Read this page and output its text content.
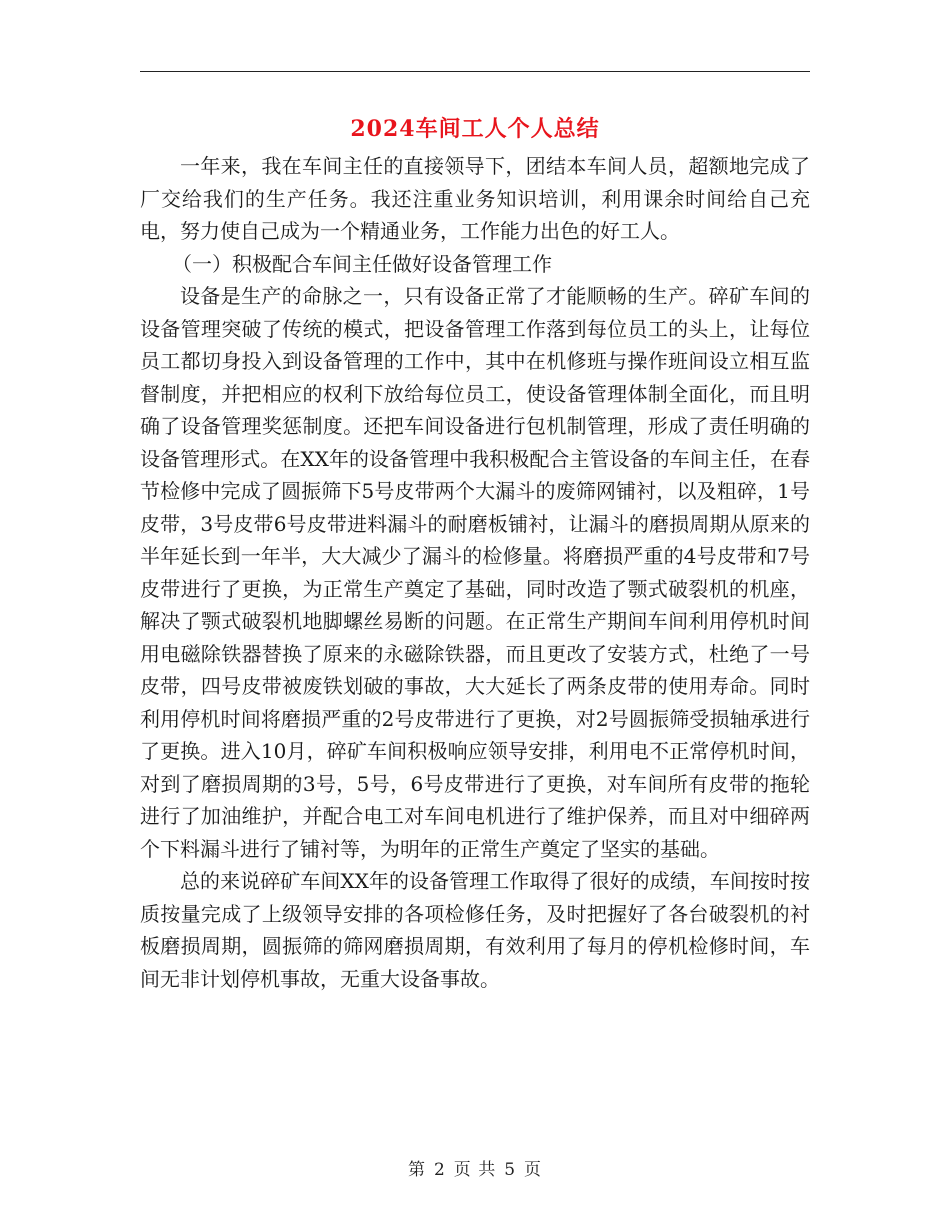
2024车间工人个人总结

一年来，我在车间主任的直接领导下，团结本车间人员，超额地完成了厂交给我们的生产任务。我还注重业务知识培训，利用课余时间给自己充电，努力使自己成为一个精通业务，工作能力出色的好工人。

（一）积极配合车间主任做好设备管理工作

设备是生产的命脉之一，只有设备正常了才能顺畅的生产。碎矿车间的设备管理突破了传统的模式，把设备管理工作落到每位员工的头上，让每位员工都切身投入到设备管理的工作中，其中在机修班与操作班间设立相互监督制度，并把相应的权利下放给每位员工，使设备管理体制全面化，而且明确了设备管理奖惩制度。还把车间设备进行包机制管理，形成了责任明确的设备管理形式。在XX年的设备管理中我积极配合主管设备的车间主任，在春节检修中完成了圆振筛下5号皮带两个大漏斗的废筛网铺衬，以及粗碎，1号皮带，3号皮带6号皮带进料漏斗的耐磨板铺衬，让漏斗的磨损周期从原来的半年延长到一年半，大大减少了漏斗的检修量。将磨损严重的4号皮带和7号皮带进行了更换，为正常生产奠定了基础，同时改造了颚式破裂机的机座，解决了颚式破裂机地脚螺丝易断的问题。在正常生产期间车间利用停机时间用电磁除铁器替换了原来的永磁除铁器，而且更改了安装方式，杜绝了一号皮带，四号皮带被废铁划破的事故，大大延长了两条皮带的使用寿命。同时利用停机时间将磨损严重的2号皮带进行了更换，对2号圆振筛受损轴承进行了更换。进入10月，碎矿车间积极响应领导安排，利用电不正常停机时间，对到了磨损周期的3号，5号，6号皮带进行了更换，对车间所有皮带的拖轮进行了加油维护，并配合电工对车间电机进行了维护保养，而且对中细碎两个下料漏斗进行了铺衬等，为明年的正常生产奠定了坚实的基础。

总的来说碎矿车间XX年的设备管理工作取得了很好的成绩，车间按时按质按量完成了上级领导安排的各项检修任务，及时把握好了各台破裂机的衬板磨损周期，圆振筛的筛网磨损周期，有效利用了每月的停机检修时间，车间无非计划停机事故，无重大设备事故。

第 2 页 共 5 页
